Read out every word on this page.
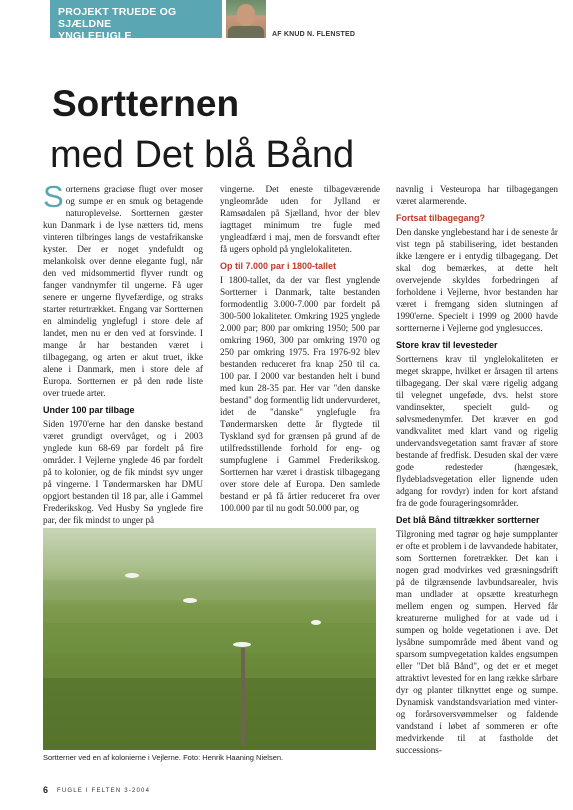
PROJEKT TRUEDE OG SJÆLDNE
YNGLEFUGLE	AF KNUD N. FLENSTED
Sortternen
med Det blå Bånd

Sorternens graciøse flugt over moser og sumpe er en smuk og betagende naturoplevelse. Sortternen gæster kun Danmark i de lyse nætters tid, mens vinteren tilbringes langs de vestafrikanske kyster. Der er noget yndefuldt og melankolsk over denne elegante fugl, når den ved midsommertid flyver rundt og fanger vandnymfer til ungerne. Få uger senere er ungerne flyvefærdige, og straks starter returtrækket. Engang var Sortternen en almindelig ynglefugl i store dele af landet, men nu er den ved at forsvinde. I mange år har bestanden været i tilbagegang, og arten er akut truet, ikke alene i Danmark, men i store dele af Europa. Sortternen er på den røde liste over truede arter.

Under 100 par tilbage

Siden 1970'erne har den danske bestand været grundigt overvåget, og i 2003 ynglede kun 68-69 par fordelt på fire områder. I Vejlerne ynglede 46 par fordelt på to kolonier, og de fik mindst syv unger på vingerne. I Tøndermarsken har DMU opgjort bestanden til 18 par, alle i Gammel Frederikskog. Ved Husby Sø ynglede fire par, der fik mindst to unger på

vingerne. Det eneste tilbageværende yngleområde uden for Jylland er Ramsødalen på Sjælland, hvor der blev iagttaget minimum tre fugle med yngleadfærd i maj, men de forsvandt efter få ugers ophold på ynglelokaliteten.

Op til 7.000 par i 1800-tallet

I 1800-tallet, da der var flest ynglende Sortterner i Danmark, talte bestanden formodentlig 3.000-7.000 par fordelt på 300-500 lokaliteter. Omkring 1925 ynglede 2.000 par; 800 par omkring 1950; 500 par omkring 1960, 300 par omkring 1970 og 250 par omkring 1975. Fra 1976-92 blev bestanden reduceret fra knap 250 til ca. 100 par. I 2000 var bestanden helt i bund med kun 28-35 par. Her var "den danske bestand" dog formentlig lidt undervurderet, idet de "danske" ynglefugle fra Tøndermarsken dette år flygtede til Tyskland syd for grænsen på grund af de utilfredsstillende forhold for eng- og sumpfuglene i Gammel Frederikskog. Sortternen har været i drastisk tilbagegang over store dele af Europa. Den samlede bestand er på få årtier reduceret fra over 100.000 par til nu godt 50.000 par, og

navnlig i Vesteuropa har tilbagegangen været alarmerende.

Fortsat tilbagegang?

Den danske ynglebestand har i de seneste år vist tegn på stabilisering, idet bestanden ikke længere er i entydig tilbagegang. Det skal dog bemærkes, at dette helt overvejende skyldes forbedringen af forholdene i Vejlerne, hvor bestanden har været i fremgang siden slutningen af 1990'erne. Specielt i 1999 og 2000 havde sortternerne i Vejlerne god ynglesucces.

Store krav til levesteder

Sortternens krav til ynglelokaliteten er meget skrappe, hvilket er årsagen til artens tilbagegang. Der skal være rigelig adgang til velegnet ungeføde, dvs. helst store vandinsekter, specielt guld- og sølvsmedenymfer. Det kræver en god vandkvalitet med klart vand og rigelig undervandsvegetation samt fravær af store bestande af fredfisk. Desuden skal der være gode redesteder (hængesæk, flydebladsvegetation eller lignende uden adgang for rovdyr) inden for kort afstand fra de gode fourageringsområder.

Det blå Bånd tiltrækker sortterner

Tilgroning med tagrør og høje sumpplanter er ofte et problem i de lavvandede habitater, som Sortternen foretrækker. Det kan i nogen grad modvirkes ved græsningsdrift på de tilgrænsende lavbundsarealer, hvis man undlader at opsætte kreaturhegn mellem engen og sumpen. Herved får kreaturerne mulighed for at vade ud i sumpen og holde vegetationen i ave. Det lysåbne sumpområde med åbent vand og sparsom sumpvegetation kaldes engsumpen eller "Det blå Bånd", og det er et meget attraktivt levested for en lang række sårbare dyr og planter tilknyttet enge og sumpe. Dynamisk vandstandsvariation med vinter- og forårsoversvømmelser og faldende vandstand i løbet af sommeren er ofte medvirkende til at fastholde det successions-

Sortterner ved en af kolonierne i Vejlerne. Foto: Henrik Haaning Nielsen.
6 FUGLE I FELTEN 3-2004
